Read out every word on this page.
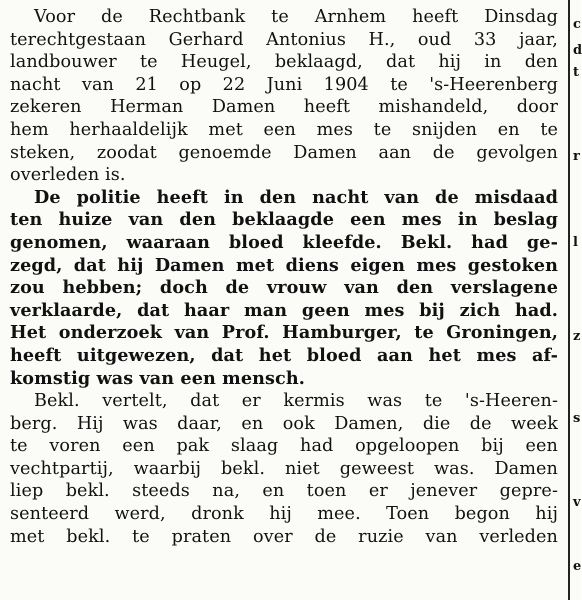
Voor de Rechtbank te Arnhem heeft Dinsdag
terechtgestaan Gerhard Antonius H., oud 33 jaar,
landbouwer te Heugel, beklaagd, dat hij in den
nacht van 21 op 22 Juni 1904 te 's-Heerenberg
zekeren Herman Damen heeft mishandeld, door
hem herhaaldelijk met een mes te snijden en te
steken, zoodat genoemde Damen aan de gevolgen
overleden is.
De politie heeft in den nacht van de misdaad
ten huize van den beklaagde een mes in beslag
genomen, waaraan bloed kleefde. Bekl. had ge-
zegd, dat hij Damen met diens eigen mes gestoken
zou hebben; doch de vrouw van den verslagene
verklaarde, dat haar man geen mes bij zich had.
Het onderzoek van Prof. Hamburger, te Groningen,
heeft uitgewezen, dat het bloed aan het mes af-
komstig was van een mensch.
Bekl. vertelt, dat er kermis was te 's-Heeren-
berg. Hij was daar, en ook Damen, die de week
te voren een pak slaag had opgeloopen bij een
vechtpartij, waarbij bekl. niet geweest was. Damen
liep bekl. steeds na, en toen er jenever gepre-
senteerd werd, dronk hij mee. Toen begon hij
met bekl. te praten over de ruzie van verleden
c
d
t
r
l
z
s
v
e
